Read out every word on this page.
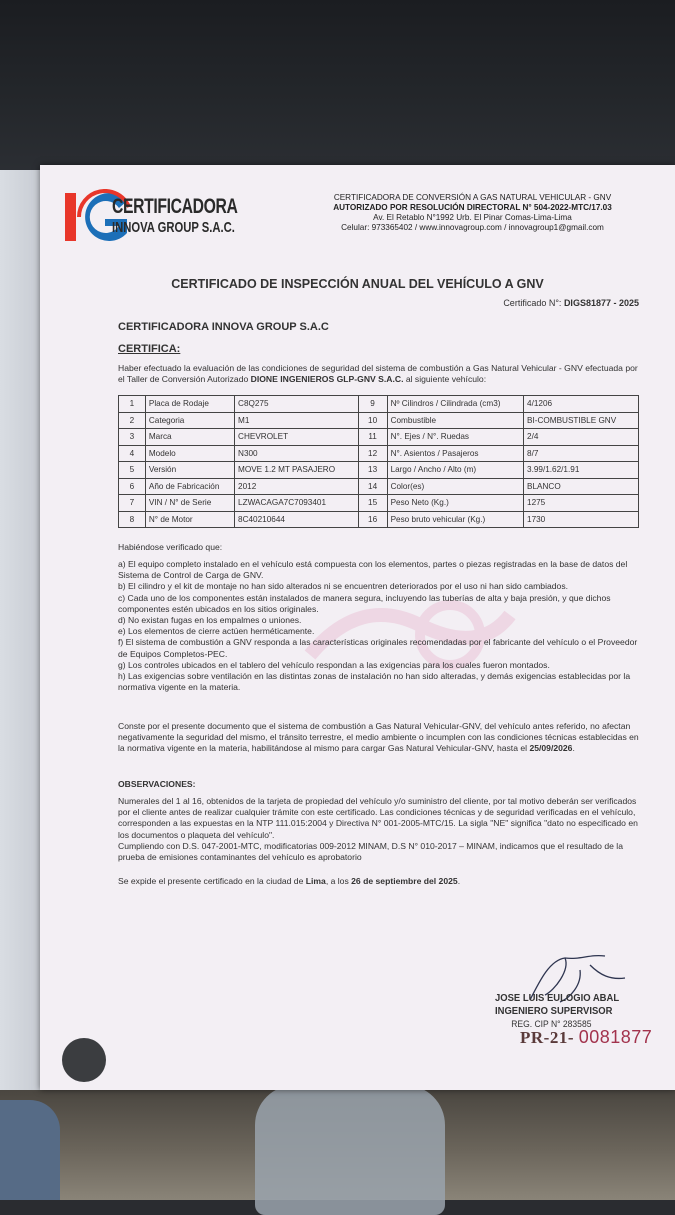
CERTIFICADORA
INNOVA GROUP S.A.C.
CERTIFICADORA DE CONVERSIÓN A GAS NATURAL VEHICULAR - GNV
AUTORIZADO POR RESOLUCIÓN DIRECTORAL N° 504-2022-MTC/17.03
Av. El Retablo N°1992 Urb. El Pinar Comas-Lima-Lima
Celular: 973365402 / www.innovagroup.com / innovagroup1@gmail.com
CERTIFICADO DE INSPECCIÓN ANUAL DEL VEHÍCULO A GNV
Certificado N°: DIGS81877 - 2025
CERTIFICADORA INNOVA GROUP S.A.C
CERTIFICA:
Haber efectuado la evaluación de las condiciones de seguridad del sistema de combustión a Gas Natural Vehicular - GNV efectuada por el Taller de Conversión Autorizado DIONE INGENIEROS GLP-GNV S.A.C. al siguiente vehículo:
1	Placa de Rodaje	C8Q275	9	Nº Cilindros / Cilindrada (cm3)	4/1206
2	Categoria	M1	10	Combustible	BI-COMBUSTIBLE GNV
3	Marca	CHEVROLET	11	N°. Ejes / N°. Ruedas	2/4
4	Modelo	N300	12	N°. Asientos / Pasajeros	8/7
5	Versión	MOVE 1.2 MT PASAJERO	13	Largo / Ancho / Alto (m)	3.99/1.62/1.91
6	Año de Fabricación	2012	14	Color(es)	BLANCO
7	VIN / N° de Serie	LZWACAGA7C7093401	15	Peso Neto (Kg.)	1275
8	N° de Motor	8C40210644	16	Peso bruto vehicular (Kg.)	1730
Habiéndose verificado que:

a) El equipo completo instalado en el vehículo está compuesta con los elementos, partes o piezas registradas en la base de datos del Sistema de Control de Carga de GNV.

b) El cilindro y el kit de montaje no han sido alterados ni se encuentren deteriorados por el uso ni han sido cambiados.

c) Cada uno de los componentes están instalados de manera segura, incluyendo las tuberías de alta y baja presión, y que dichos componentes estén ubicados en los sitios originales.

d) No existan fugas en los empalmes o uniones.

e) Los elementos de cierre actúen herméticamente.

f) El sistema de combustión a GNV responda a las características originales recomendadas por el fabricante del vehículo o el Proveedor de Equipos Completos-PEC.

g) Los controles ubicados en el tablero del vehículo respondan a las exigencias para los cuales fueron montados.

h) Las exigencias sobre ventilación en las distintas zonas de instalación no han sido alteradas, y demás exigencias establecidas por la normativa vigente en la materia.

Conste por el presente documento que el sistema de combustión a Gas Natural Vehicular-GNV, del vehículo antes referido, no afectan negativamente la seguridad del mismo, el tránsito terrestre, el medio ambiente o incumplen con las condiciones técnicas establecidas en la normativa vigente en la materia, habilitándose al mismo para cargar Gas Natural Vehicular-GNV, hasta el 25/09/2026.
OBSERVACIONES:

Numerales del 1 al 16, obtenidos de la tarjeta de propiedad del vehículo y/o suministro del cliente, por tal motivo deberán ser verificados por el cliente antes de realizar cualquier trámite con este certificado. Las condiciones técnicas y de seguridad verificadas en el vehículo, corresponden a las expuestas en la NTP 111.015:2004 y Directiva N° 001-2005-MTC/15. La sigla "NE" significa "dato no especificado en los documentos o plaqueta del vehículo".

Cumpliendo con D.S. 047-2001-MTC, modificatorias 009-2012 MINAM, D.S N° 010-2017 – MINAM, indicamos que el resultado de la prueba de emisiones contaminantes del vehículo es aprobatorio

Se expide el presente certificado en la ciudad de Lima, a los 26 de septiembre del 2025.
JOSE LUIS EULOGIO ABAL
INGENIERO SUPERVISOR
REG. CIP N° 283585
PR-21- 0081877
